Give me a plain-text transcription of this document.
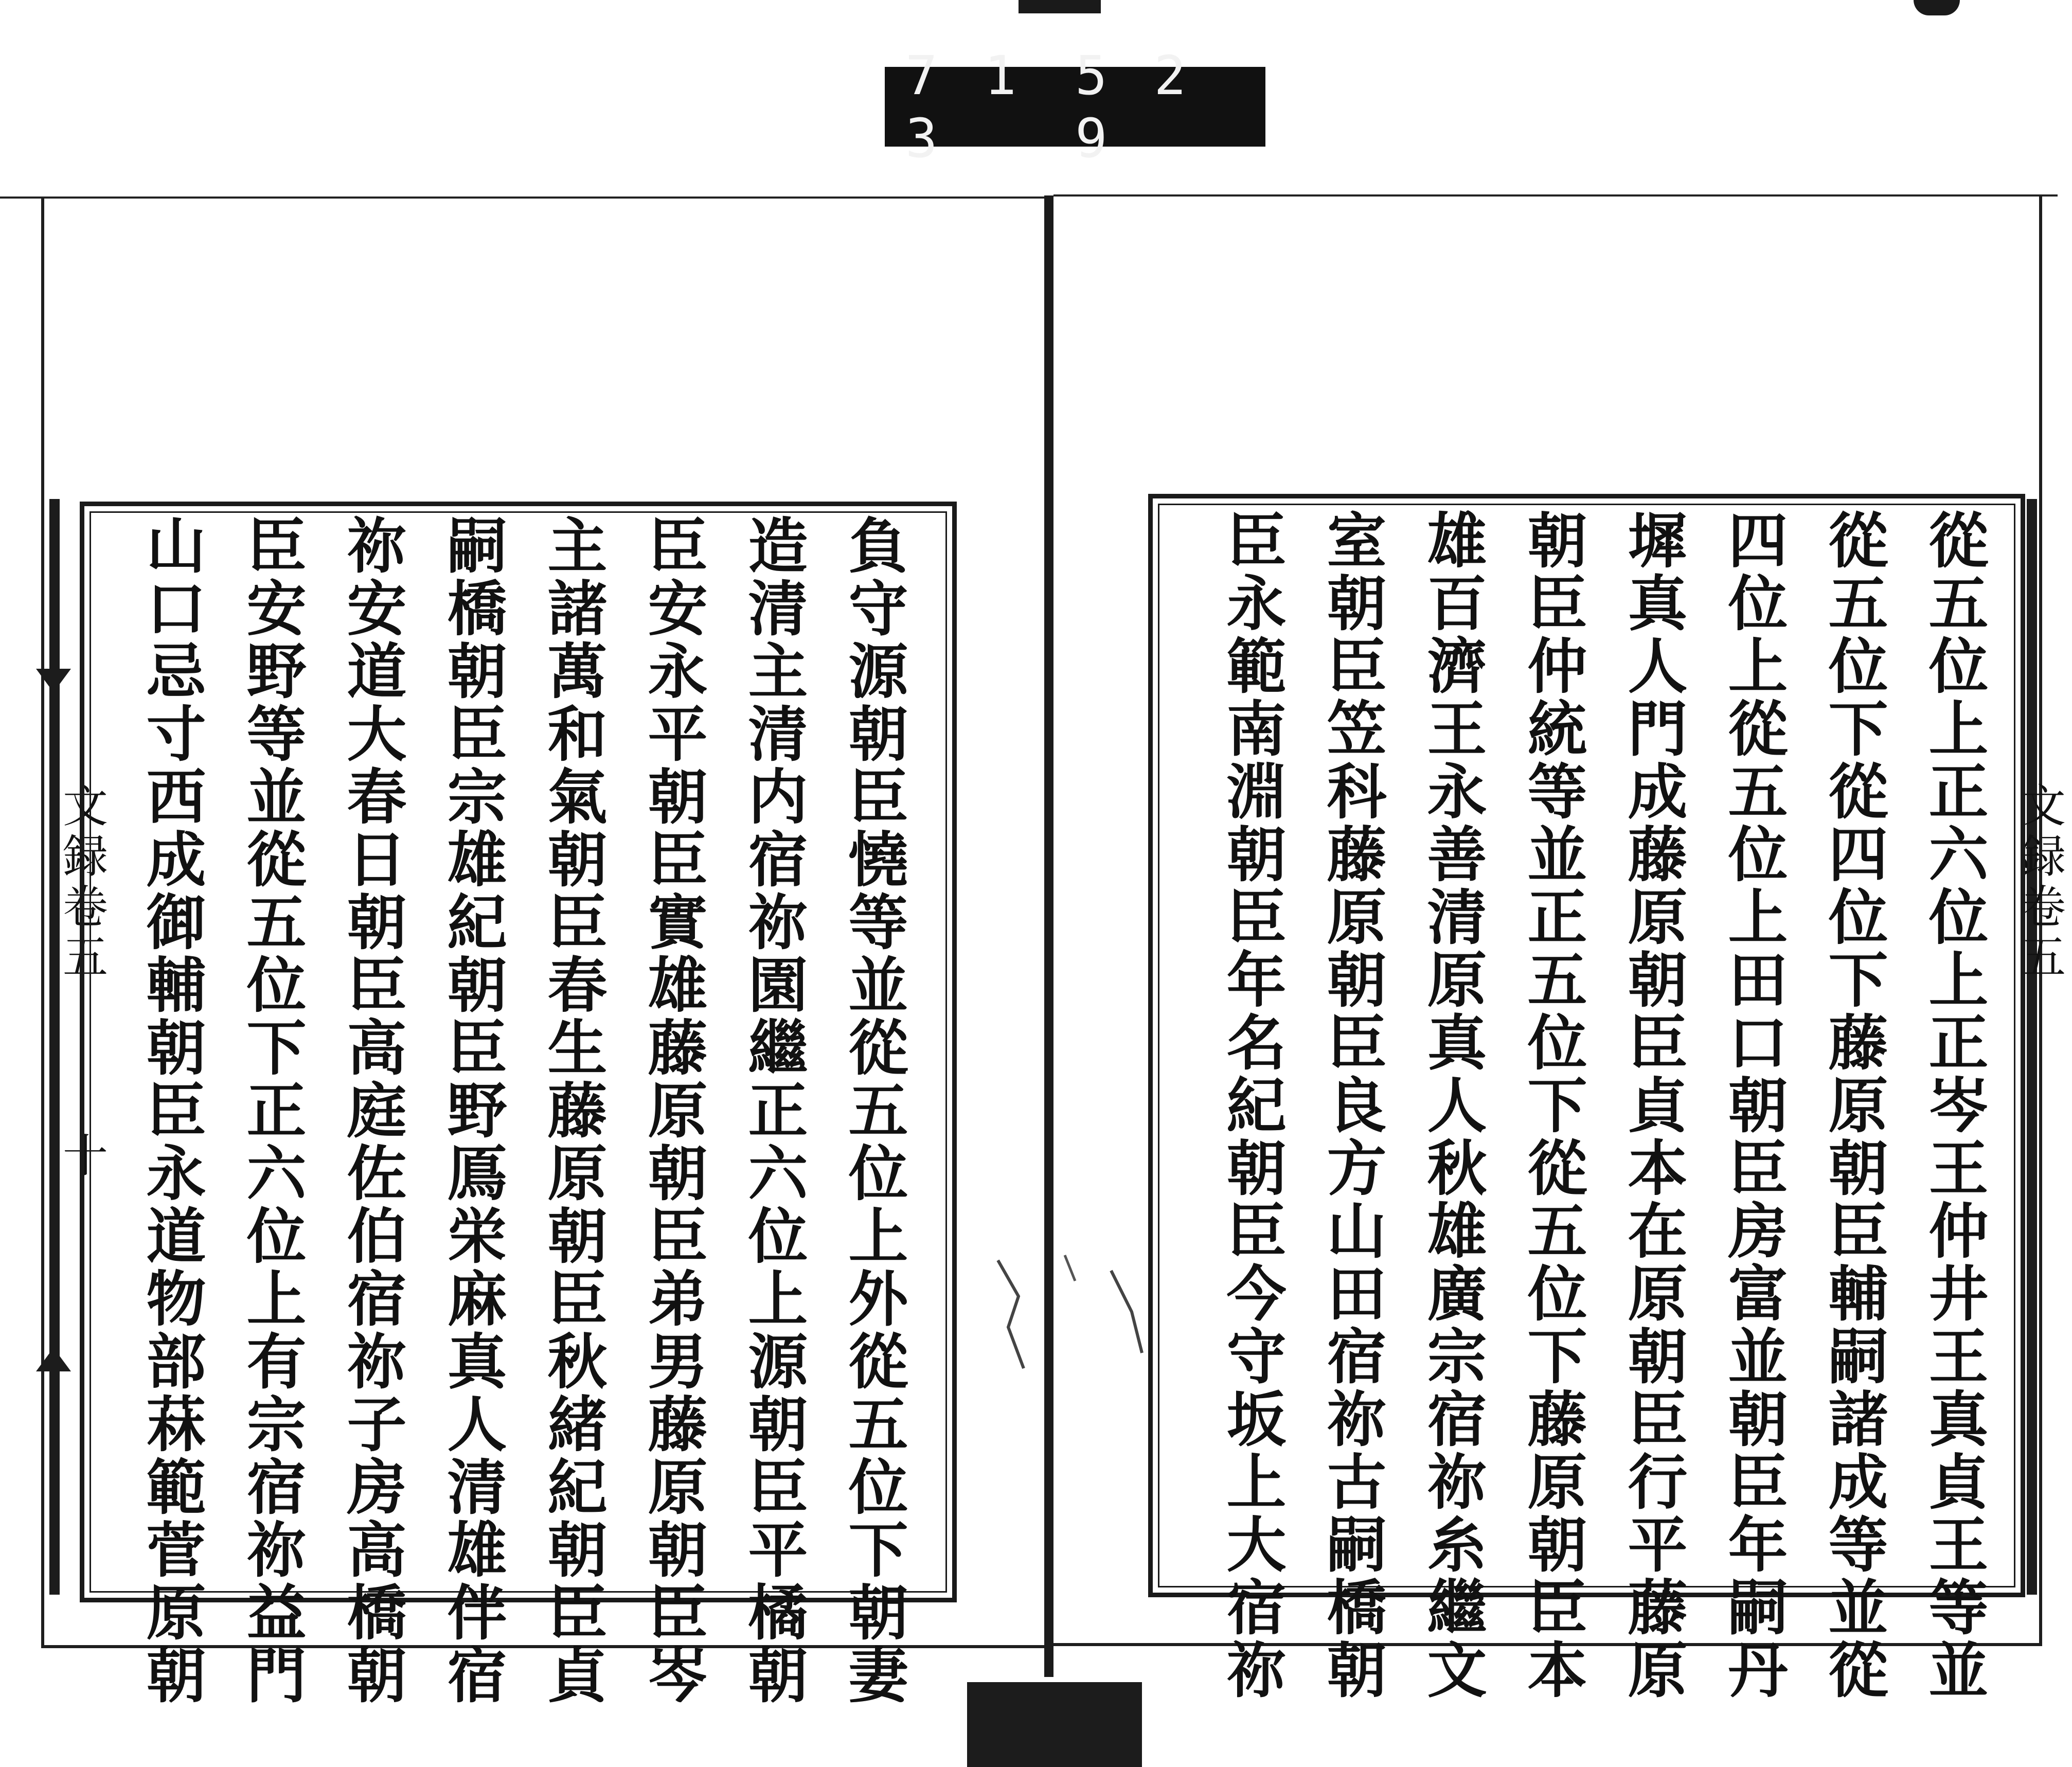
7 1 3
5 2 9
文録卷五
十
文録卷五
負守源朝臣憢等並從五位上外從五位下朝妻
造清主清内宿祢園繼正六位上源朝臣平橘朝
臣安永平朝臣實雄藤原朝臣弟男藤原朝臣岑
主諸萬和氣朝臣春生藤原朝臣秋緒紀朝臣貞
嗣橋朝臣宗雄紀朝臣野鳫栄麻真人清雄伴宿
祢安道大春日朝臣高庭佐伯宿祢子房高橋朝
臣安野等並從五位下正六位上有宗宿祢益門
山口忌寸西成御輔朝臣永道物部菻範菅原朝	從五位上正六位上正岑王仲井王真貞王等並
從五位下從四位下藤原朝臣輔嗣諸成等並從
四位上從五位上田口朝臣房富並朝臣年嗣丹
墀真人門成藤原朝臣貞本在原朝臣行平藤原
朝臣仲統等並正五位下從五位下藤原朝臣本
雄百濟王永善清原真人秋雄廣宗宿祢糸繼文
室朝臣笠科藤原朝臣良方山田宿祢古嗣橋朝
臣永範南淵朝臣年名紀朝臣今守坂上大宿祢
